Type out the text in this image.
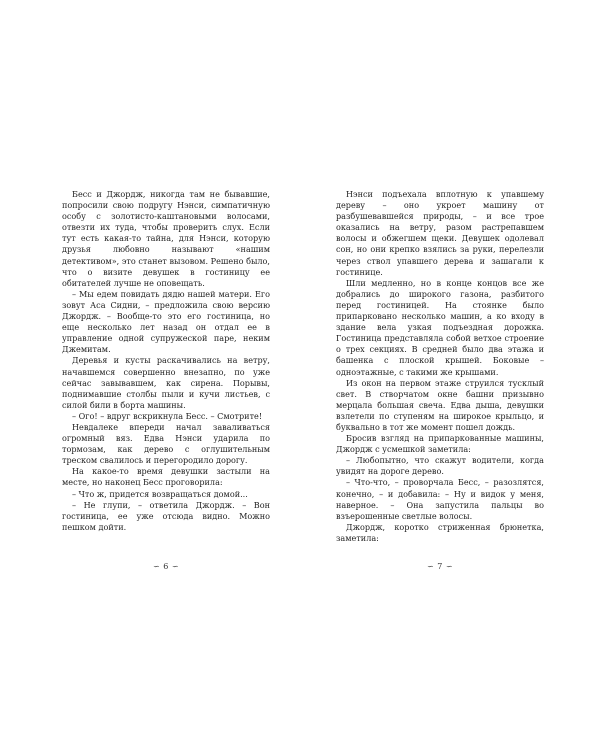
Бесс и Джордж, никогда там не бывавшие, попросили свою подругу Нэнси, симпатичную особу с золотисто-каштановыми волосами, отвезти их туда, чтобы проверить слух. Если тут есть какая-то тайна, для Нэнси, которую друзья любовно называют «нашим детективом», это станет вызовом. Решено было, что о визите девушек в гостиницу ее обитателей лучше не оповещать.

– Мы едем повидать дядю нашей матери. Его зовут Аса Сидни, – предложила свою версию Джордж. – Вообще-то это его гостиница, но еще несколько лет назад он отдал ее в управление одной супружеской паре, неким Джемитам.

Деревья и кусты раскачивались на ветру, начавшемся совершенно внезапно, по уже сейчас завывавшем, как сирена. Порывы, поднимавшие столбы пыли и кучи листьев, с силой били в борта машины.

– Ого! – вдруг вскрикнула Бесс. – Смотрите!

Невдалеке впереди начал заваливаться огромный вяз. Едва Нэнси ударила по тормозам, как дерево с оглушительным треском свалилось и перегородило дорогу.

На какое-то время девушки застыли на месте, но наконец Бесс проговорила:

– Что ж, придется возвращаться домой...

– Не глупи, – ответила Джордж. – Вон гостиница, ее уже отсюда видно. Можно пешком дойти.

Нэнси подъехала вплотную к упавшему дереву – оно укроет машину от разбушевавшейся природы, – и все трое оказались на ветру, разом растрепавшем волосы и обжегшем щеки. Девушек одолевал сон, но они крепко взялись за руки, перелезли через ствол упавшего дерева и зашагали к гостинице.

Шли медленно, но в конце концов все же добрались до широкого газона, разбитого перед гостиницей. На стоянке было припарковано несколько машин, а ко входу в здание вела узкая подъездная дорожка. Гостиница представляла собой ветхое строение о трех секциях. В средней было два этажа и башенка с плоской крышей. Боковые – одноэтажные, с такими же крышами.

Из окон на первом этаже струился тусклый свет. В створчатом окне башни призывно мерцала большая свеча. Едва дыша, девушки взлетели по ступеням на широкое крыльцо, и буквально в тот же момент пошел дождь.

Бросив взгляд на припаркованные машины, Джордж с усмешкой заметила:

– Любопытно, что скажут водители, когда увидят на дороге дерево.

– Что-что, – проворчала Бесс, – разозлятся, конечно, – и добавила: – Ну и видок у меня, наверное. – Она запустила пальцы во взъерошенные светлые волосы.

Джордж, коротко стриженная брюнетка, заметила:

∽ 6 ∽	∽ 7 ∽
